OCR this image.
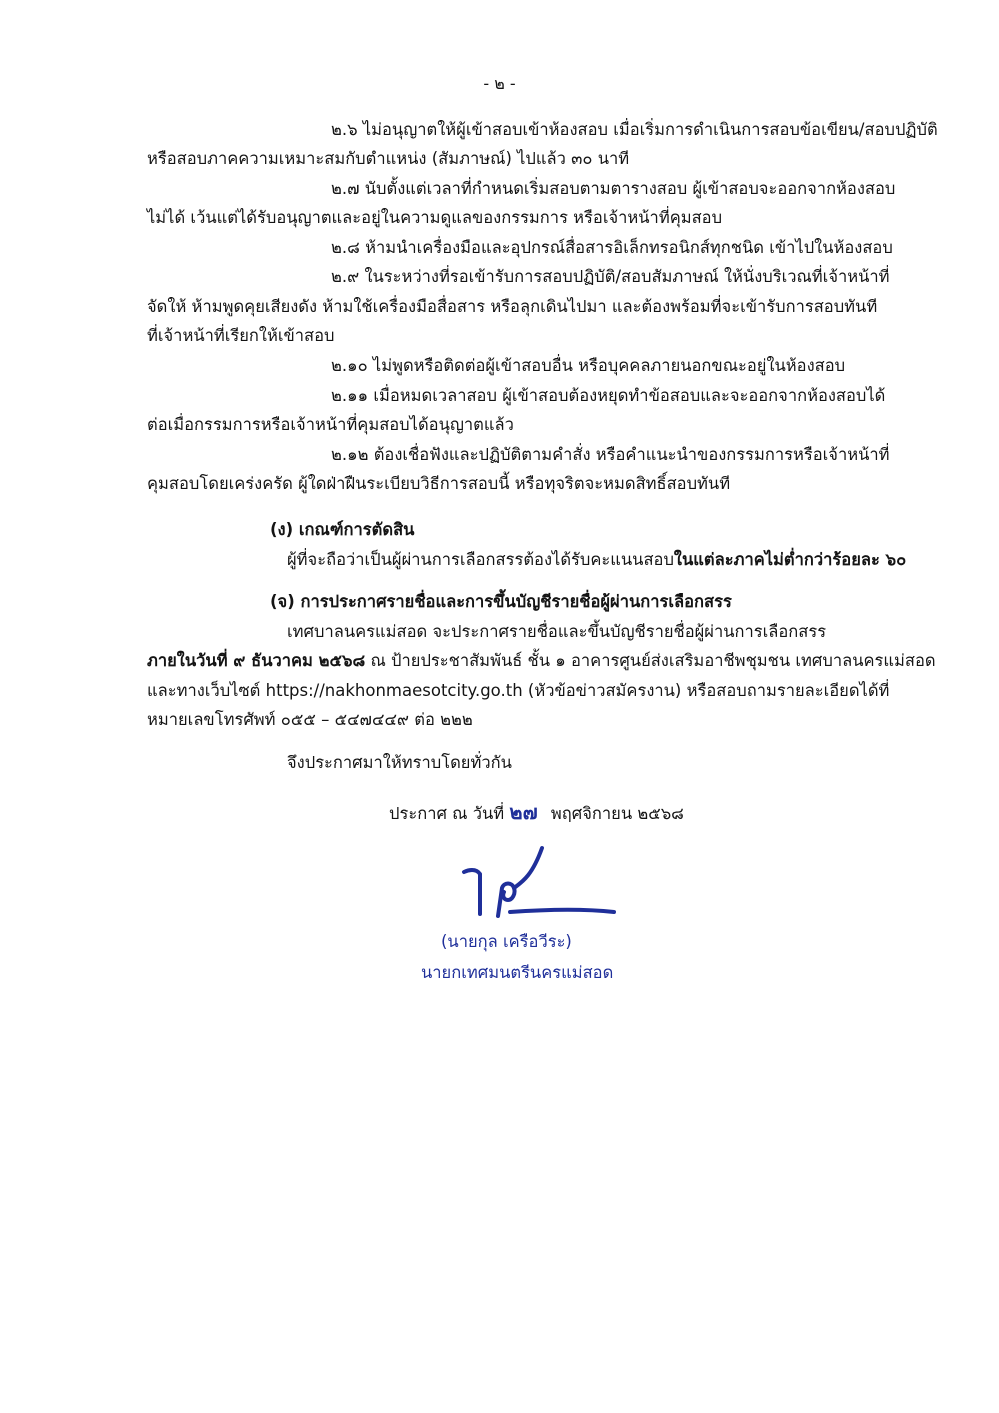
- ๒ -
๒.๖ ไม่อนุญาตให้ผู้เข้าสอบเข้าห้องสอบ เมื่อเริ่มการดำเนินการสอบข้อเขียน/สอบปฏิบัติ
หรือสอบภาคความเหมาะสมกับตำแหน่ง (สัมภาษณ์) ไปแล้ว ๓๐ นาที
๒.๗ นับตั้งแต่เวลาที่กำหนดเริ่มสอบตามตารางสอบ ผู้เข้าสอบจะออกจากห้องสอบ
ไม่ได้ เว้นแต่ได้รับอนุญาตและอยู่ในความดูแลของกรรมการ หรือเจ้าหน้าที่คุมสอบ
๒.๘ ห้ามนำเครื่องมือและอุปกรณ์สื่อสารอิเล็กทรอนิกส์ทุกชนิด เข้าไปในห้องสอบ
๒.๙ ในระหว่างที่รอเข้ารับการสอบปฏิบัติ/สอบสัมภาษณ์ ให้นั่งบริเวณที่เจ้าหน้าที่
จัดให้ ห้ามพูดคุยเสียงดัง ห้ามใช้เครื่องมือสื่อสาร หรือลุกเดินไปมา และต้องพร้อมที่จะเข้ารับการสอบทันที
ที่เจ้าหน้าที่เรียกให้เข้าสอบ
๒.๑๐ ไม่พูดหรือติดต่อผู้เข้าสอบอื่น หรือบุคคลภายนอกขณะอยู่ในห้องสอบ
๒.๑๑ เมื่อหมดเวลาสอบ ผู้เข้าสอบต้องหยุดทำข้อสอบและจะออกจากห้องสอบได้
ต่อเมื่อกรรมการหรือเจ้าหน้าที่คุมสอบได้อนุญาตแล้ว
๒.๑๒ ต้องเชื่อฟังและปฏิบัติตามคำสั่ง หรือคำแนะนำของกรรมการหรือเจ้าหน้าที่
คุมสอบโดยเคร่งครัด ผู้ใดฝ่าฝืนระเบียบวิธีการสอบนี้ หรือทุจริตจะหมดสิทธิ์สอบทันที
(ง) เกณฑ์การตัดสิน
ผู้ที่จะถือว่าเป็นผู้ผ่านการเลือกสรรต้องได้รับคะแนนสอบในแต่ละภาคไม่ต่ำกว่าร้อยละ ๖๐
(จ) การประกาศรายชื่อและการขึ้นบัญชีรายชื่อผู้ผ่านการเลือกสรร
เทศบาลนครแม่สอด จะประกาศรายชื่อและขึ้นบัญชีรายชื่อผู้ผ่านการเลือกสรร
ภายในวันที่ ๙ ธันวาคม ๒๕๖๘ ณ ป้ายประชาสัมพันธ์ ชั้น ๑ อาคารศูนย์ส่งเสริมอาชีพชุมชน เทศบาลนครแม่สอด
และทางเว็บไซต์ https://nakhonmaesotcity.go.th (หัวข้อข่าวสมัครงาน) หรือสอบถามรายละเอียดได้ที่
หมายเลขโทรศัพท์ ๐๕๕ – ๕๔๗๔๔๙ ต่อ ๒๒๒
จึงประกาศมาให้ทราบโดยทั่วกัน
ประกาศ ณ วันที่ ๒๗ พฤศจิกายน ๒๕๖๘
(นายกุล เครือวีระ)
นายกเทศมนตรีนครแม่สอด
